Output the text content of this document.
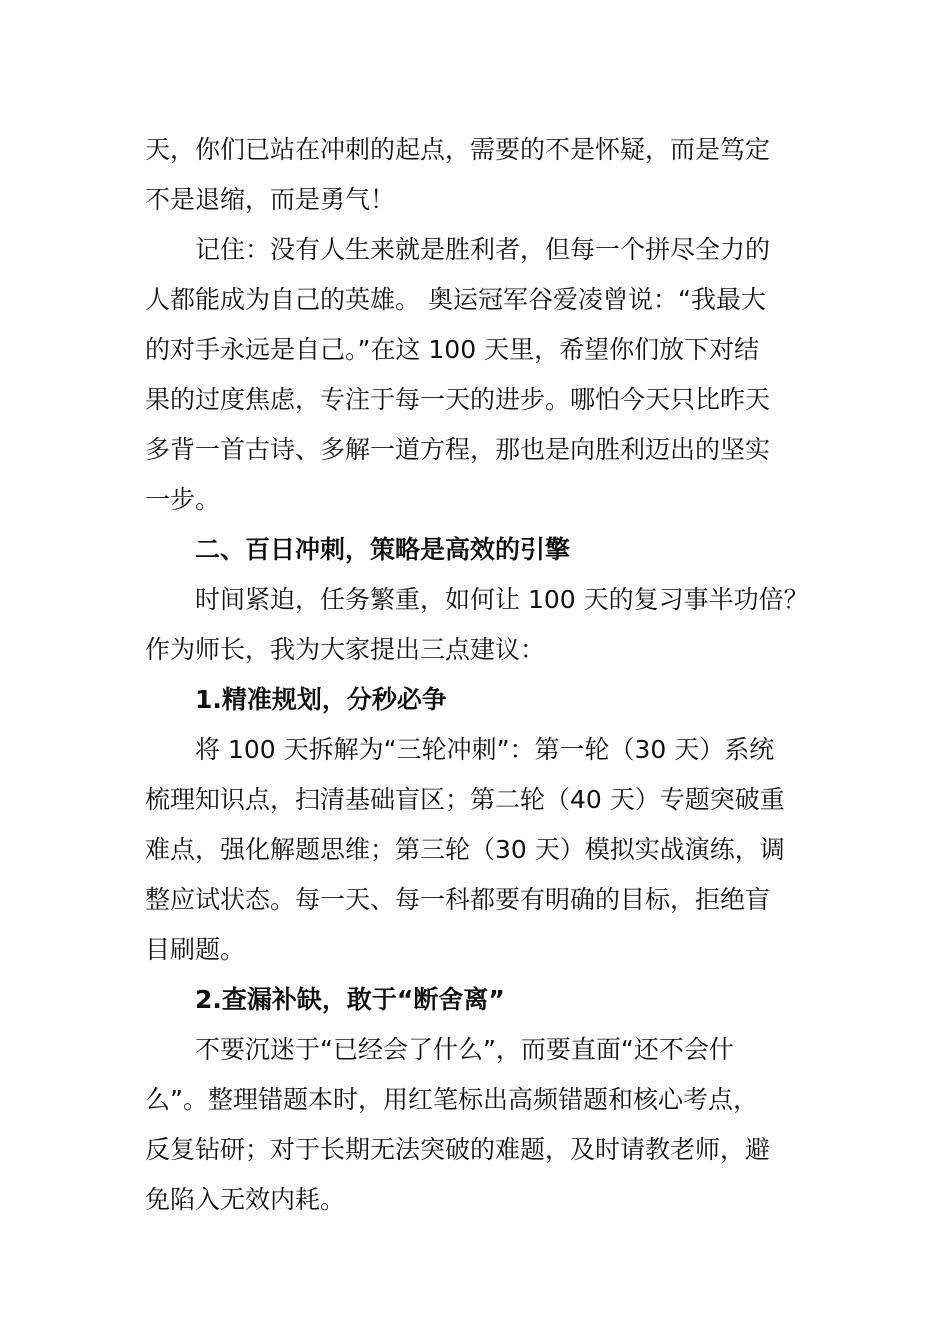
天，你们已站在冲刺的起点，需要的不是怀疑，而是笃定
不是退缩，而是勇气！
记住：没有人生来就是胜利者，但每一个拼尽全力的
人都能成为自己的英雄。 奥运冠军谷爱凌曾说：“我最大
的对手永远是自己。”在这 100 天里，希望你们放下对结
果的过度焦虑，专注于每一天的进步。哪怕今天只比昨天
多背一首古诗、多解一道方程，那也是向胜利迈出的坚实
一步。
二、百日冲刺，策略是高效的引擎
时间紧迫，任务繁重，如何让 100 天的复习事半功倍？
作为师长，我为大家提出三点建议：
1.精准规划，分秒必争
将 100 天拆解为“三轮冲刺”：第一轮（30 天）系统
梳理知识点，扫清基础盲区；第二轮（40 天）专题突破重
难点，强化解题思维；第三轮（30 天）模拟实战演练，调
整应试状态。每一天、每一科都要有明确的目标，拒绝盲
目刷题。
2.查漏补缺，敢于“断舍离”
不要沉迷于“已经会了什么”，而要直面“还不会什
么”。整理错题本时，用红笔标出高频错题和核心考点，
反复钻研；对于长期无法突破的难题，及时请教老师，避
免陷入无效内耗。
